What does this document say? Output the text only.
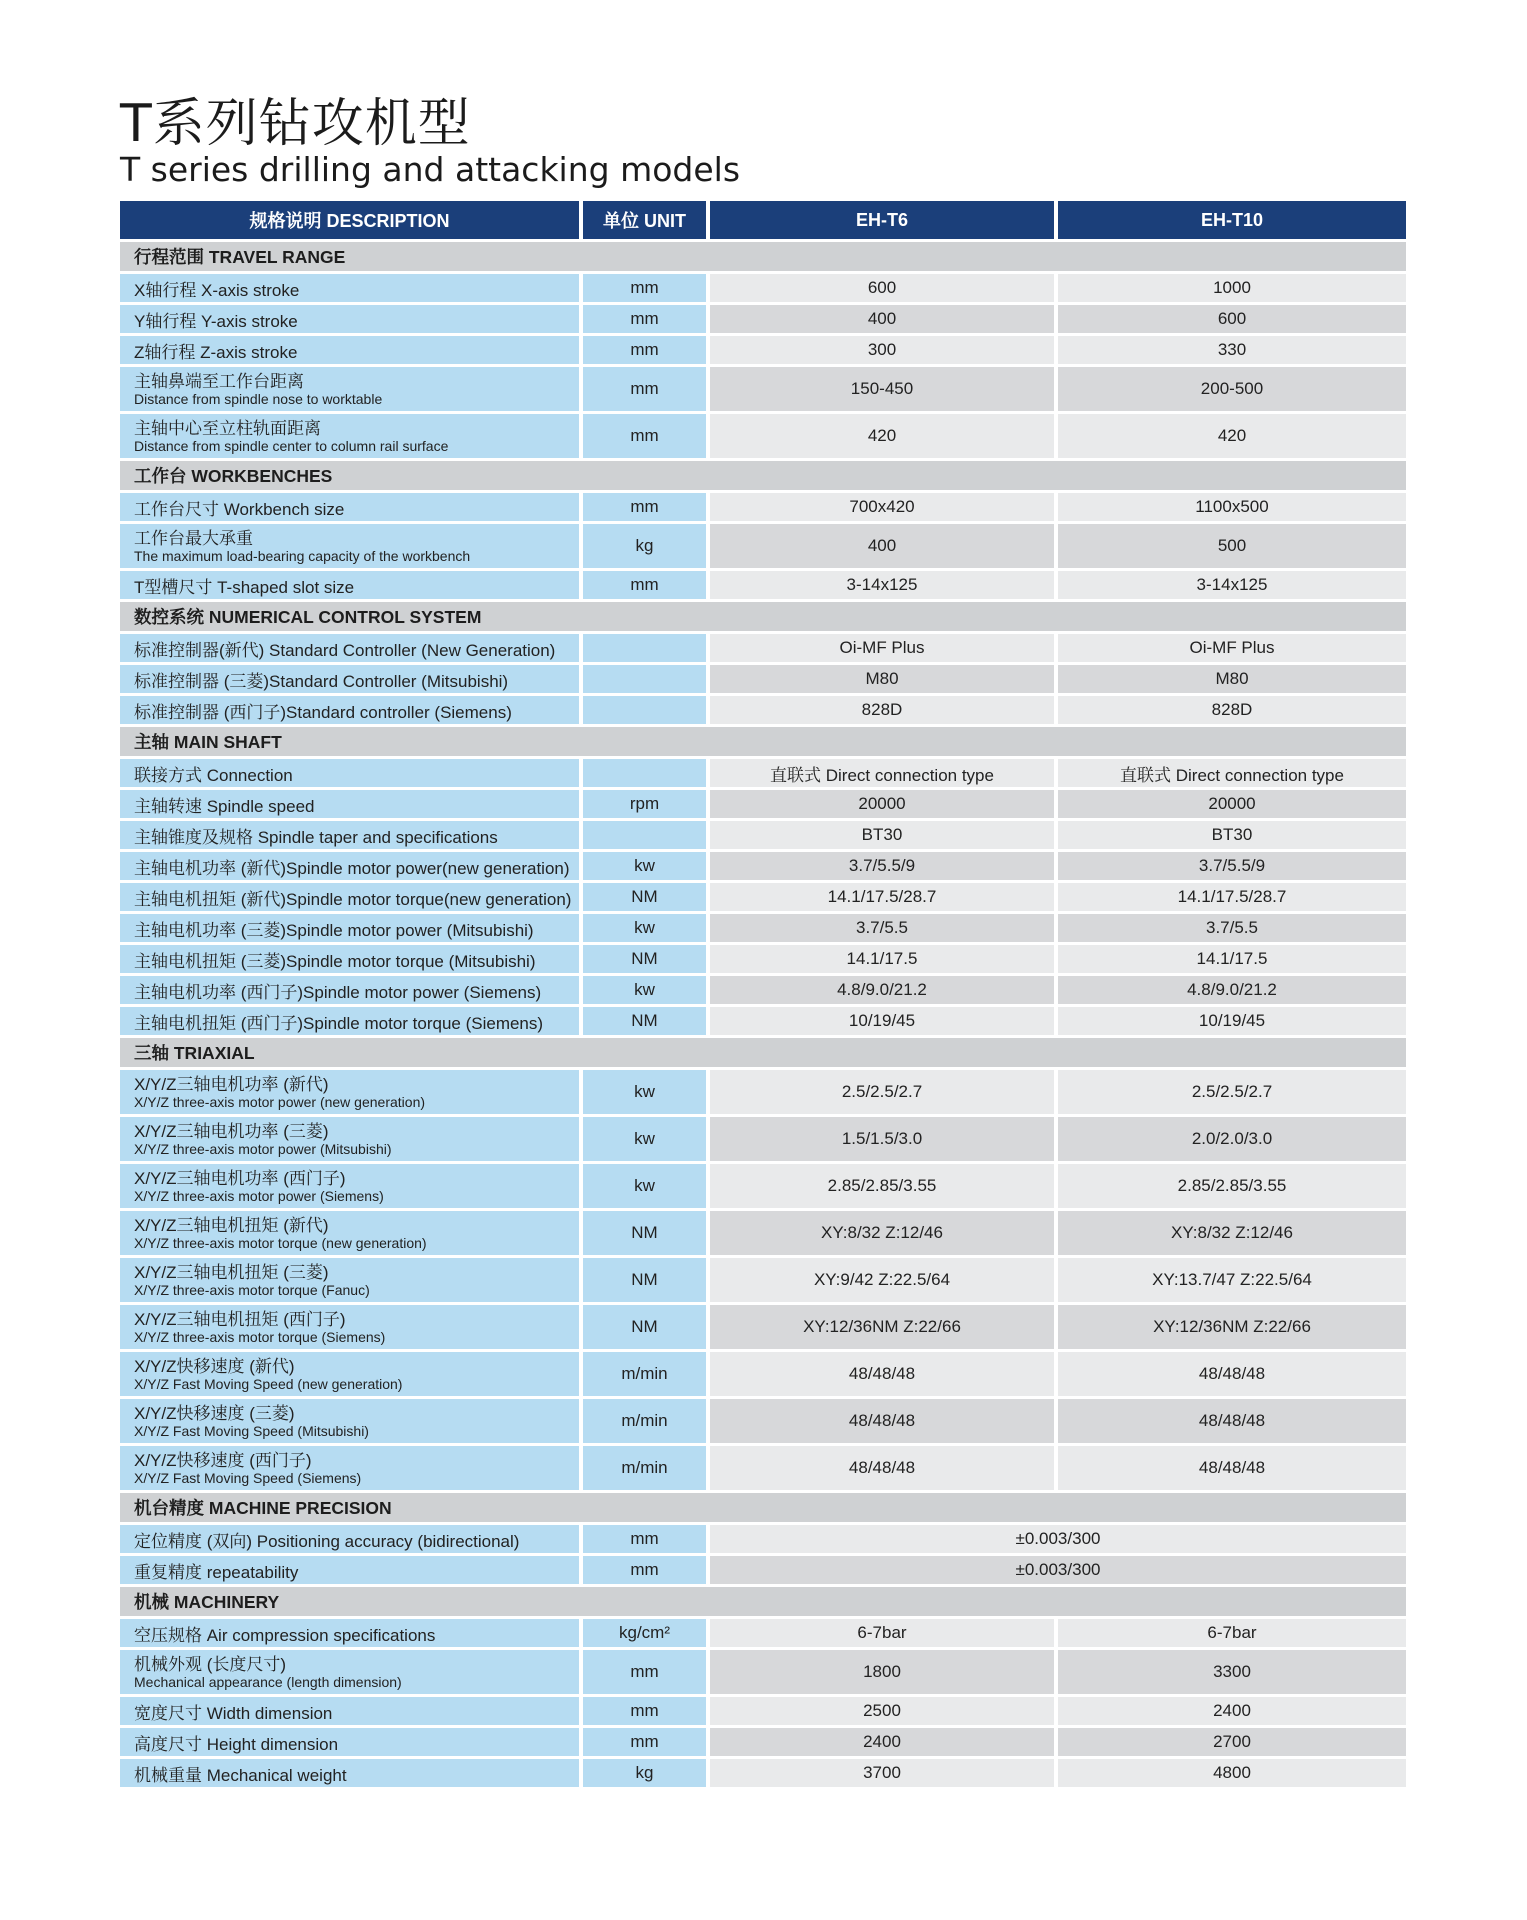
T系列钻攻机型
T series drilling and attacking models
规格说明 DESCRIPTION	单位 UNIT	EH-T6	EH-T10
行程范围 TRAVEL RANGE			
X轴行程 X-axis stroke	mm	600	1000
Y轴行程 Y-axis stroke	mm	400	600
Z轴行程 Z-axis stroke	mm	300	330

主轴鼻端至工作台距离
Distance from spindle nose to worktable	mm	150-450	200-500

主轴中心至立柱轨面距离
Distance from spindle center to column rail surface	mm	420	420
工作台 WORKBENCHES			
工作台尺寸 Workbench size	mm	700x420	1100x500

工作台最大承重
The maximum load-bearing capacity of the workbench	kg	400	500
T型槽尺寸 T-shaped slot size	mm	3-14x125	3-14x125
数控系统 NUMERICAL CONTROL SYSTEM			
标准控制器(新代) Standard Controller (New Generation)		Oi-MF Plus	Oi-MF Plus
标准控制器 (三菱)Standard Controller (Mitsubishi)		M80	M80
标准控制器 (西门子)Standard controller (Siemens)		828D	828D
主轴 MAIN SHAFT			
联接方式 Connection		直联式 Direct connection type	直联式 Direct connection type
主轴转速 Spindle speed	rpm	20000	20000
主轴锥度及规格 Spindle taper and specifications		BT30	BT30
主轴电机功率 (新代)Spindle motor power(new generation)	kw	3.7/5.5/9	3.7/5.5/9
主轴电机扭矩 (新代)Spindle motor torque(new generation)	NM	14.1/17.5/28.7	14.1/17.5/28.7
主轴电机功率 (三菱)Spindle motor power (Mitsubishi)	kw	3.7/5.5	3.7/5.5
主轴电机扭矩 (三菱)Spindle motor torque (Mitsubishi)	NM	14.1/17.5	14.1/17.5
主轴电机功率 (西门子)Spindle motor power (Siemens)	kw	4.8/9.0/21.2	4.8/9.0/21.2
主轴电机扭矩 (西门子)Spindle motor torque (Siemens)	NM	10/19/45	10/19/45
三轴 TRIAXIAL			

X/Y/Z三轴电机功率 (新代)
X/Y/Z three-axis motor power (new generation)	kw	2.5/2.5/2.7	2.5/2.5/2.7

X/Y/Z三轴电机功率 (三菱)
X/Y/Z three-axis motor power (Mitsubishi)	kw	1.5/1.5/3.0	2.0/2.0/3.0

X/Y/Z三轴电机功率 (西门子)
X/Y/Z three-axis motor power (Siemens)	kw	2.85/2.85/3.55	2.85/2.85/3.55

X/Y/Z三轴电机扭矩 (新代)
X/Y/Z three-axis motor torque (new generation)	NM	XY:8/32 Z:12/46	XY:8/32 Z:12/46

X/Y/Z三轴电机扭矩 (三菱)
X/Y/Z three-axis motor torque (Fanuc)	NM	XY:9/42 Z:22.5/64	XY:13.7/47 Z:22.5/64

X/Y/Z三轴电机扭矩 (西门子)
X/Y/Z three-axis motor torque (Siemens)	NM	XY:12/36NM Z:22/66	XY:12/36NM Z:22/66

X/Y/Z快移速度 (新代)
X/Y/Z Fast Moving Speed (new generation)	m/min	48/48/48	48/48/48

X/Y/Z快移速度 (三菱)
X/Y/Z Fast Moving Speed (Mitsubishi)	m/min	48/48/48	48/48/48

X/Y/Z快移速度 (西门子)
X/Y/Z Fast Moving Speed (Siemens)	m/min	48/48/48	48/48/48
机台精度 MACHINE PRECISION			
定位精度 (双向) Positioning accuracy (bidirectional)	mm	±0.003/300	
重复精度 repeatability	mm	±0.003/300	
机械 MACHINERY			
空压规格 Air compression specifications	kg/cm²	6-7bar	6-7bar

机械外观 (长度尺寸)
Mechanical appearance (length dimension)	mm	1800	3300
宽度尺寸 Width dimension	mm	2500	2400
高度尺寸 Height dimension	mm	2400	2700
机械重量 Mechanical weight	kg	3700	4800
